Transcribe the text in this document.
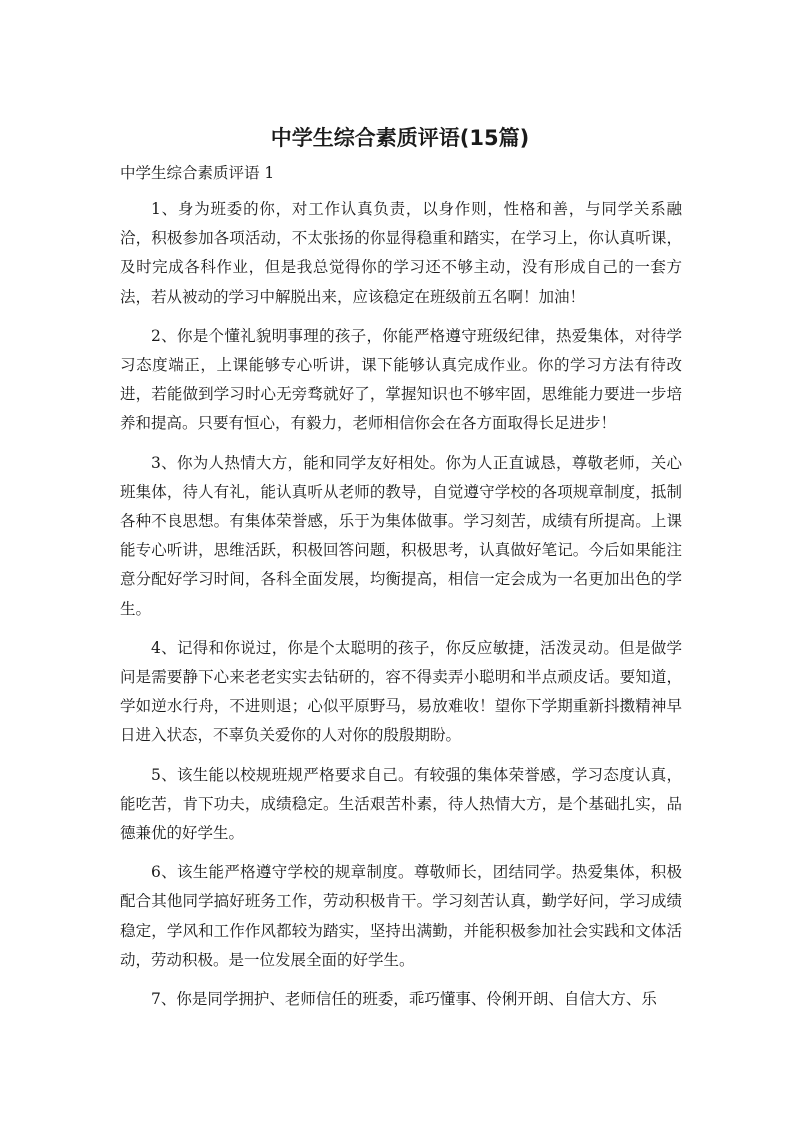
中学生综合素质评语(15篇)
中学生综合素质评语 1

1、身为班委的你，对工作认真负责，以身作则，性格和善，与同学关系融洽，积极参加各项活动，不太张扬的你显得稳重和踏实，在学习上，你认真听课，及时完成各科作业，但是我总觉得你的学习还不够主动，没有形成自己的一套方法，若从被动的学习中解脱出来，应该稳定在班级前五名啊！加油！

2、你是个懂礼貌明事理的孩子，你能严格遵守班级纪律，热爱集体，对待学习态度端正，上课能够专心听讲，课下能够认真完成作业。你的学习方法有待改进，若能做到学习时心无旁骛就好了，掌握知识也不够牢固，思维能力要进一步培养和提高。只要有恒心，有毅力，老师相信你会在各方面取得长足进步！

3、你为人热情大方，能和同学友好相处。你为人正直诚恳，尊敬老师，关心班集体，待人有礼，能认真听从老师的教导，自觉遵守学校的各项规章制度，抵制各种不良思想。有集体荣誉感，乐于为集体做事。学习刻苦，成绩有所提高。上课能专心听讲，思维活跃，积极回答问题，积极思考，认真做好笔记。今后如果能注意分配好学习时间，各科全面发展，均衡提高，相信一定会成为一名更加出色的学生。

4、记得和你说过，你是个太聪明的孩子，你反应敏捷，活泼灵动。但是做学问是需要静下心来老老实实去钻研的，容不得卖弄小聪明和半点顽皮话。要知道，学如逆水行舟，不进则退；心似平原野马，易放难收！望你下学期重新抖擞精神早日进入状态，不辜负关爱你的人对你的殷殷期盼。

5、该生能以校规班规严格要求自己。有较强的集体荣誉感，学习态度认真，能吃苦，肯下功夫，成绩稳定。生活艰苦朴素，待人热情大方，是个基础扎实，品德兼优的好学生。

6、该生能严格遵守学校的规章制度。尊敬师长，团结同学。热爱集体，积极配合其他同学搞好班务工作，劳动积极肯干。学习刻苦认真，勤学好问，学习成绩稳定，学风和工作作风都较为踏实，坚持出满勤，并能积极参加社会实践和文体活动，劳动积极。是一位发展全面的好学生。

7、你是同学拥护、老师信任的班委，乖巧懂事、伶俐开朗、自信大方、乐
